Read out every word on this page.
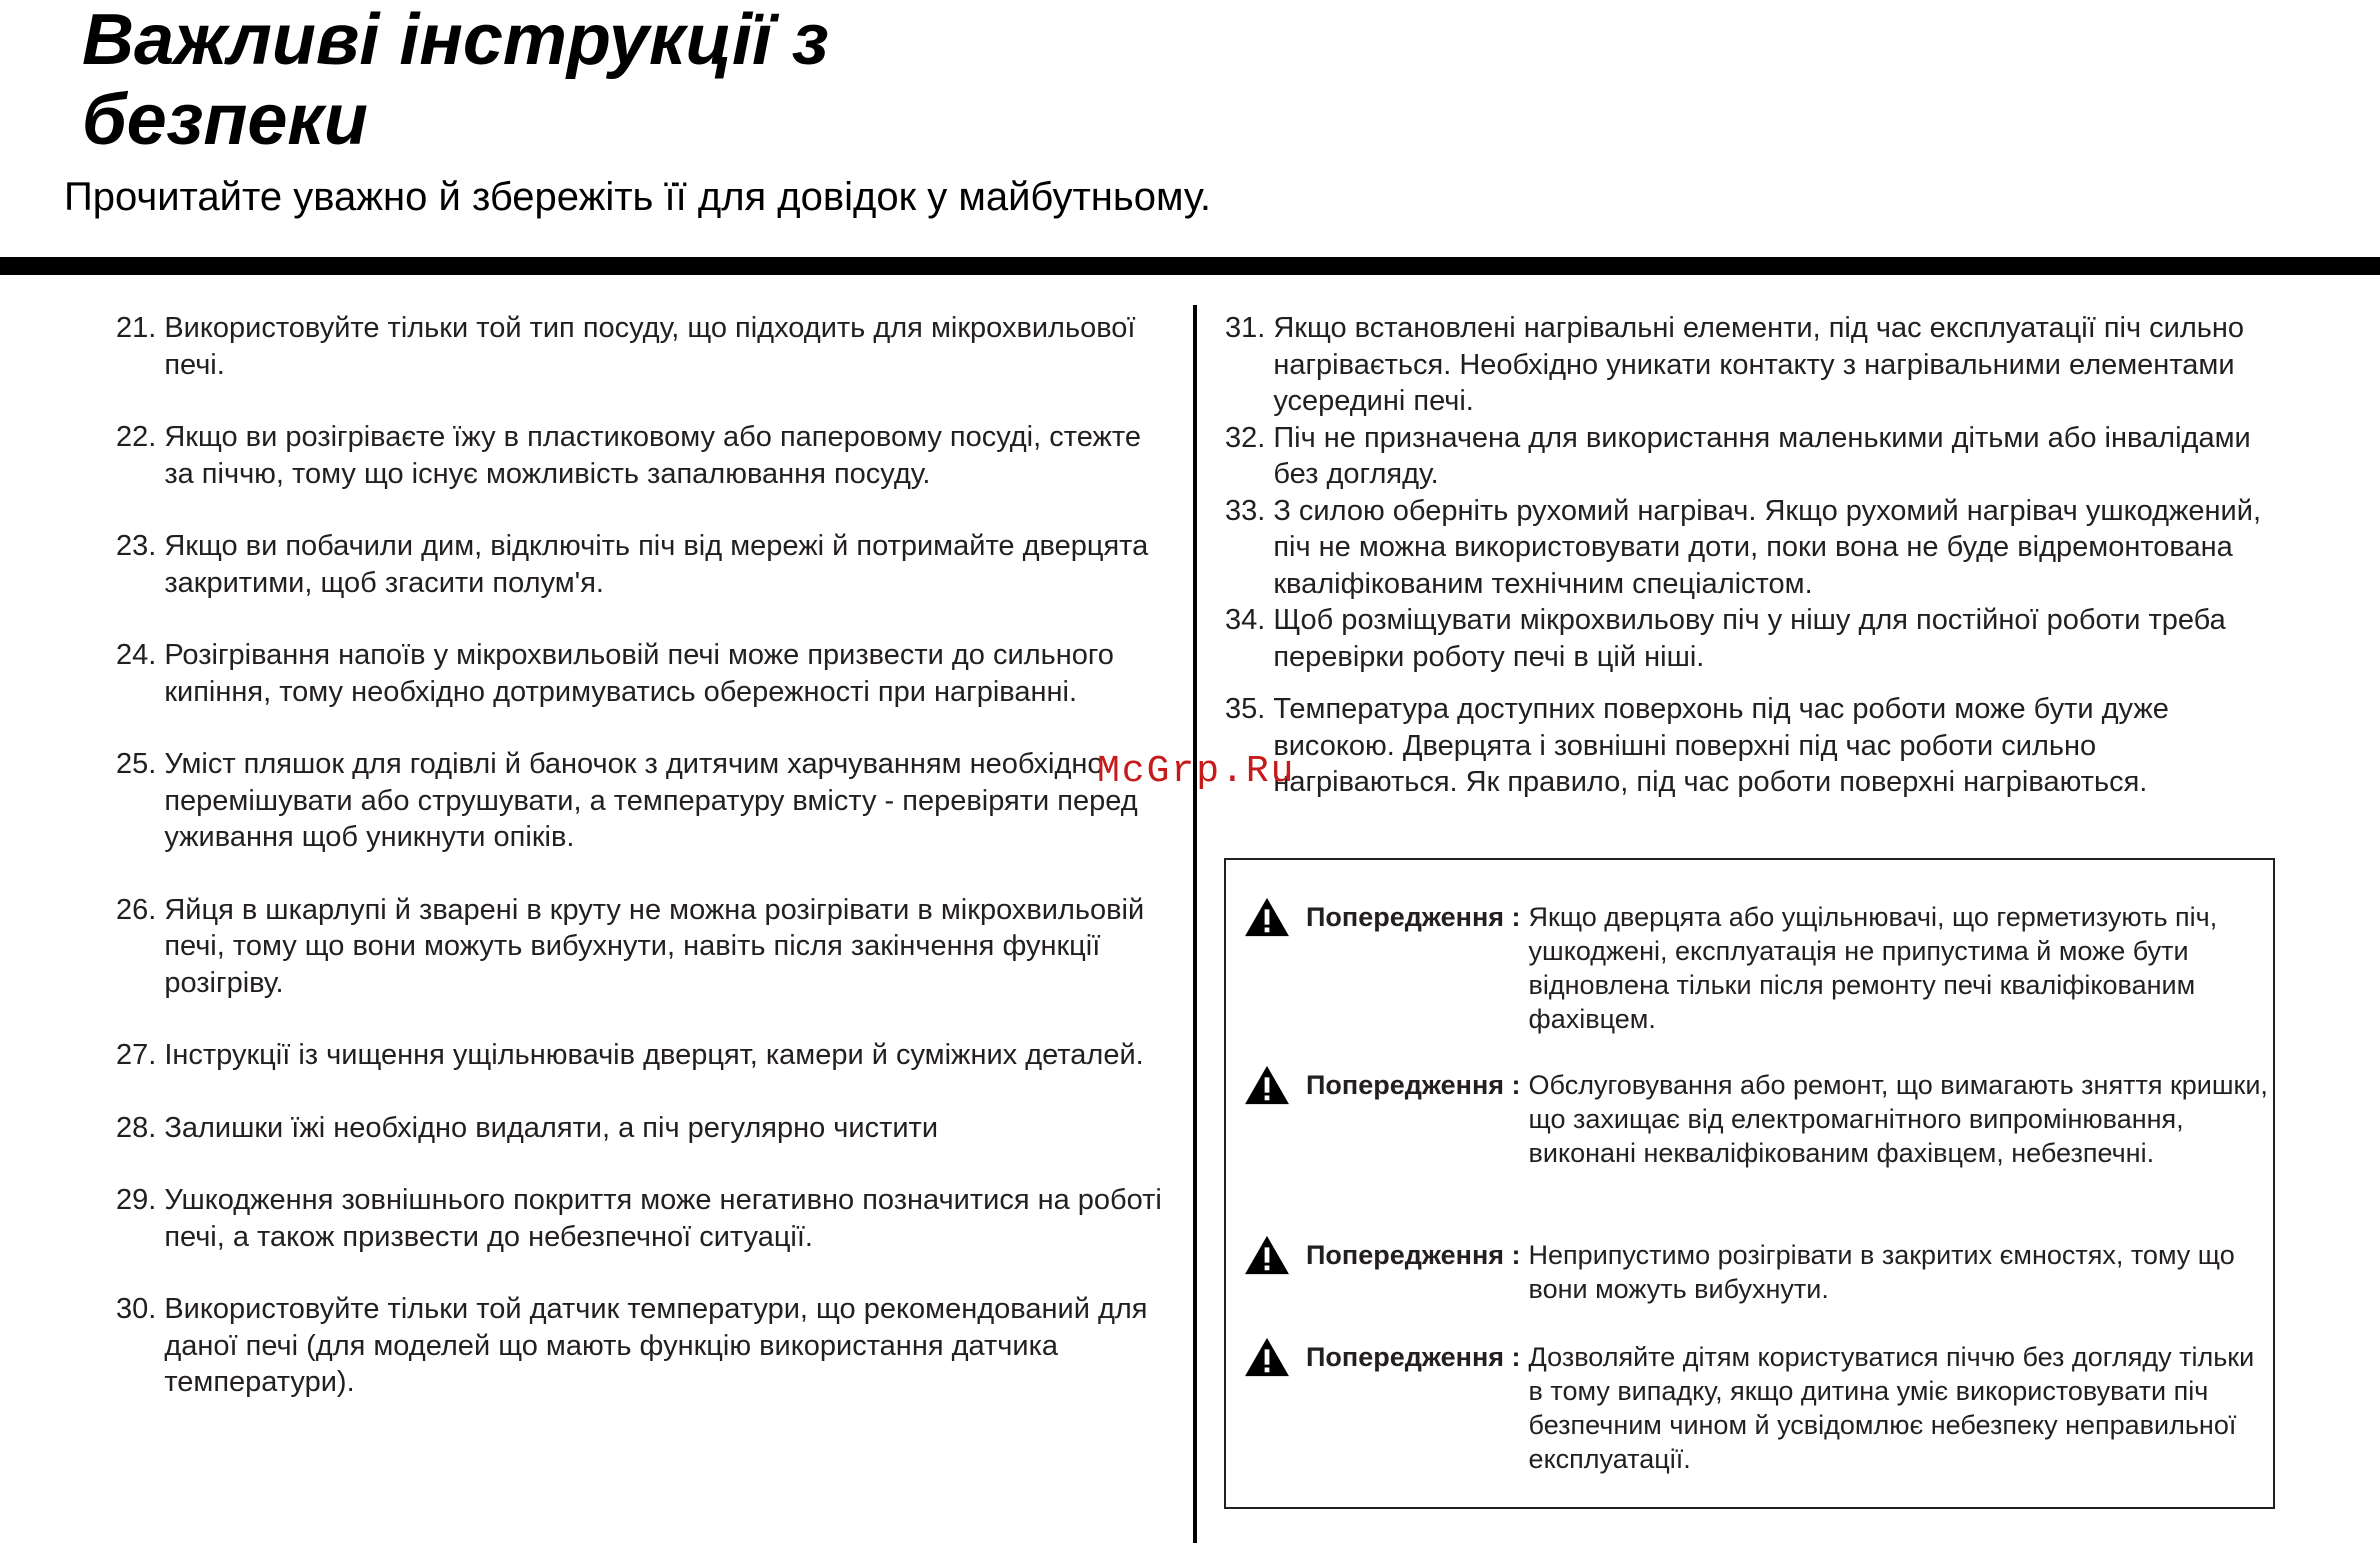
Важливі інструкції з
безпеки
Прочитайте уважно й збережіть її для довідок у майбутньому.
21. Використовуйте тільки той тип посуду, що підходить для мікрохвильової печі.
22. Якщо ви розігріваєте їжу в пластиковому або паперовому посуді, стежте за піччю, тому що існує можливість запалювання посуду.
23. Якщо ви побачили дим, відключіть піч від мережі й потримайте дверцята закритими, щоб згасити полум'я.
24. Розігрівання напоїв у мікрохвильовій печі може призвести до сильного кипіння, тому необхідно дотримуватись обережності при нагріванні.
25. Уміст пляшок для годівлі й баночок з дитячим харчуванням необхідно перемішувати або струшувати, а температуру вмісту - перевіряти перед уживання щоб уникнути опіків.
26. Яйця в шкарлупі й зварені в круту не можна розігрівати в мікрохвильовій печі, тому що вони можуть вибухнути, навіть після закінчення функції розігріву.
27. Інструкції із чищення ущільнювачів дверцят, камери й суміжних деталей.
28. Залишки їжі необхідно видаляти, а піч регулярно чистити
29. Ушкодження зовнішнього покриття може негативно позначитися на роботі печі, а також призвести до небезпечної ситуації.
30. Використовуйте тільки той датчик температури, що рекомендований для даної печі (для моделей що мають функцію використання датчика температури).
31. Якщо встановлені нагрівальні елементи, під час експлуатації піч сильно нагрівається. Необхідно уникати контакту з нагрівальними елементами усередині печі.
32. Піч не призначена для використання маленькими дітьми або інвалідами без догляду.
33. З силою оберніть рухомий нагрівач. Якщо рухомий нагрівач ушкоджений, піч не можна використовувати доти, поки вона не буде відремонтована кваліфікованим технічним спеціалістом.
34. Щоб розміщувати мікрохвильову піч у нішу для постійної роботи треба перевірки роботу печі в цій ніші.
35. Температура доступних поверхонь під час роботи може бути дуже високою. Дверцята і зовнішні поверхні під час роботи сильно нагріваються. Як правило, під час роботи поверхні нагріваються.
McGrp.Ru
Попередження : Якщо дверцята або ущільнювачі, що герметизують піч, ушкоджені, експлуатація не припустима й може бути відновлена тільки після ремонту печі кваліфікованим фахівцем.
Попередження : Обслуговування або ремонт, що вимагають зняття кришки, що захищає від електромагнітного випромінювання, виконані некваліфікованим фахівцем, небезпечні.
Попередження : Неприпустимо розігрівати в закритих ємностях, тому що вони можуть вибухнути.
Попередження : Дозволяйте дітям користуватися піччю без догляду тільки в тому випадку, якщо дитина уміє використовувати піч безпечним чином й усвідомлює небезпеку неправильної експлуатації.
